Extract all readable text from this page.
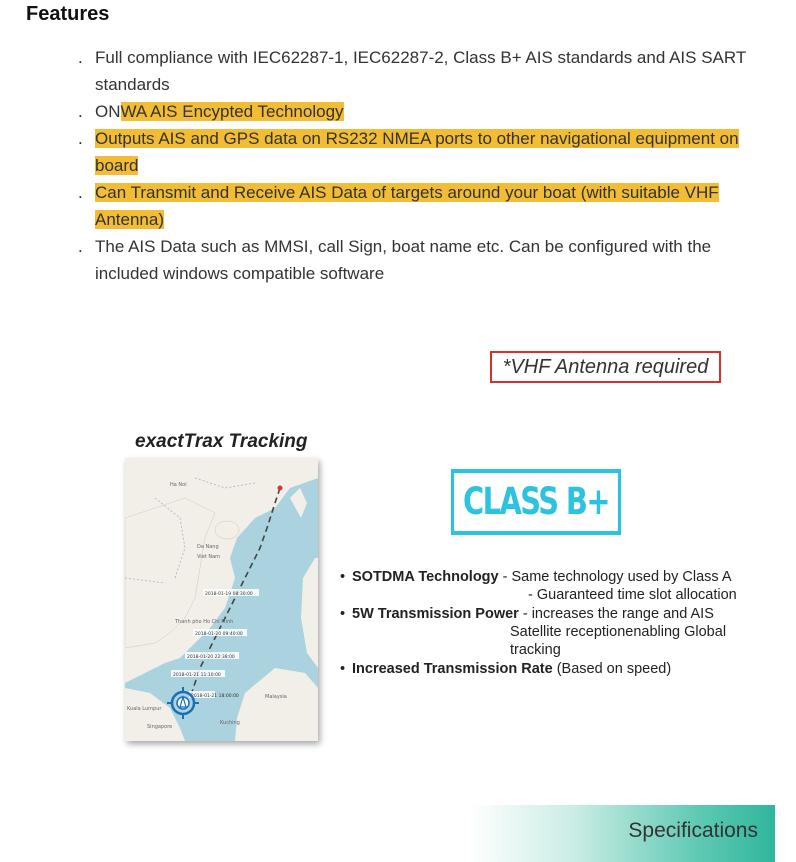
Features
. Full compliance with IEC62287-1, IEC62287-2, Class B+ AIS standards and AIS SART standards
. ONWA AIS Encypted Technology
. Outputs AIS and GPS data on RS232 NMEA ports to other navigational equipment on board
. Can Transmit and Receive AIS Data of targets around your boat (with suitable VHF Antenna)
. The AIS Data such as MMSI, call Sign, boat name etc. Can be configured with the included windows compatible software
*VHF Antenna required
exactTrax Tracking
2018-01-19 08:30:00
2018-01-20 09:40:00
2018-01-20 22:38:00
2018-01-21 11:10:00
2018-01-21 18:00:00
Ha Noi
Da Nang
Viet Nam
Thanh pho Ho Chi Minh
Kuching
Malaysia
Kuala Lumpur
Singapore
CLASS B+
• SOTDMA Technology - Same technology used by Class A
- Guaranteed time slot allocation
• 5W Transmission Power - increases the range and AIS
Satellite receptionenabling Global tracking
• Increased Transmission Rate (Based on speed)
Specifications
